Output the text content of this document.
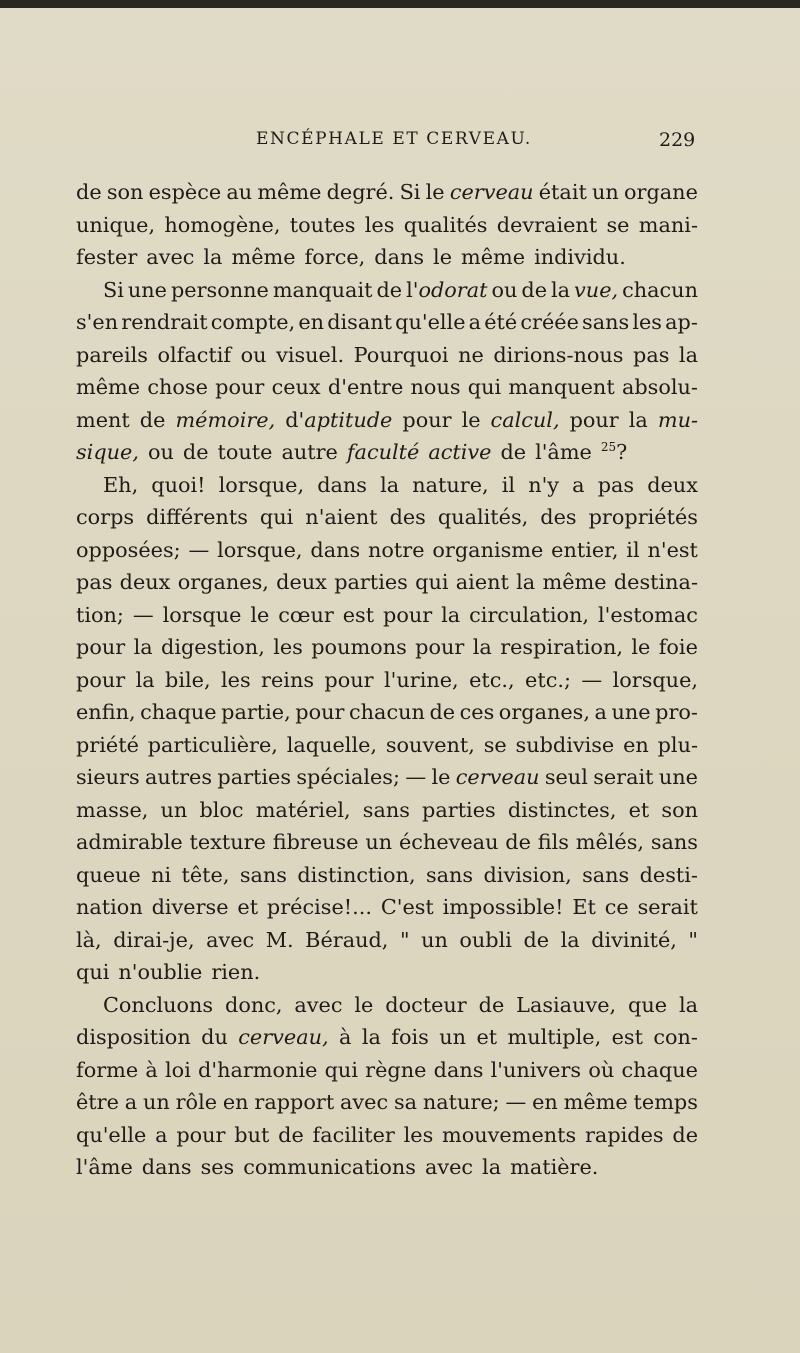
ENCÉPHALE ET CERVEAU.	229
de son espèce au même degré. Si le cerveau était un organe
unique, homogène, toutes les qualités devraient se mani-
fester avec la même force, dans le même individu.
Si une personne manquait de l'odorat ou de la vue, chacun
s'en rendrait compte, en disant qu'elle a été créée sans les ap-
pareils olfactif ou visuel. Pourquoi ne dirions-nous pas la
même chose pour ceux d'entre nous qui manquent absolu-
ment de mémoire, d'aptitude pour le calcul, pour la mu-
sique, ou de toute autre faculté active de l'âme $^{25}$?
Eh, quoi! lorsque, dans la nature, il n'y a pas deux
corps différents qui n'aient des qualités, des propriétés
opposées; — lorsque, dans notre organisme entier, il n'est
pas deux organes, deux parties qui aient la même destina-
tion; — lorsque le cœur est pour la circulation, l'estomac
pour la digestion, les poumons pour la respiration, le foie
pour la bile, les reins pour l'urine, etc., etc.; — lorsque,
enfin, chaque partie, pour chacun de ces organes, a une pro-
priété particulière, laquelle, souvent, se subdivise en plu-
sieurs autres parties spéciales; — le cerveau seul serait une
masse, un bloc matériel, sans parties distinctes, et son
admirable texture fibreuse un écheveau de fils mêlés, sans
queue ni tête, sans distinction, sans division, sans desti-
nation diverse et précise!... C'est impossible! Et ce serait
là, dirai-je, avec M. Béraud, " un oubli de la divinité, "
qui n'oublie rien.
Concluons donc, avec le docteur de Lasiauve, que la
disposition du cerveau, à la fois un et multiple, est con-
forme à loi d'harmonie qui règne dans l'univers où chaque
être a un rôle en rapport avec sa nature; — en même temps
qu'elle a pour but de faciliter les mouvements rapides de
l'âme dans ses communications avec la matière.
